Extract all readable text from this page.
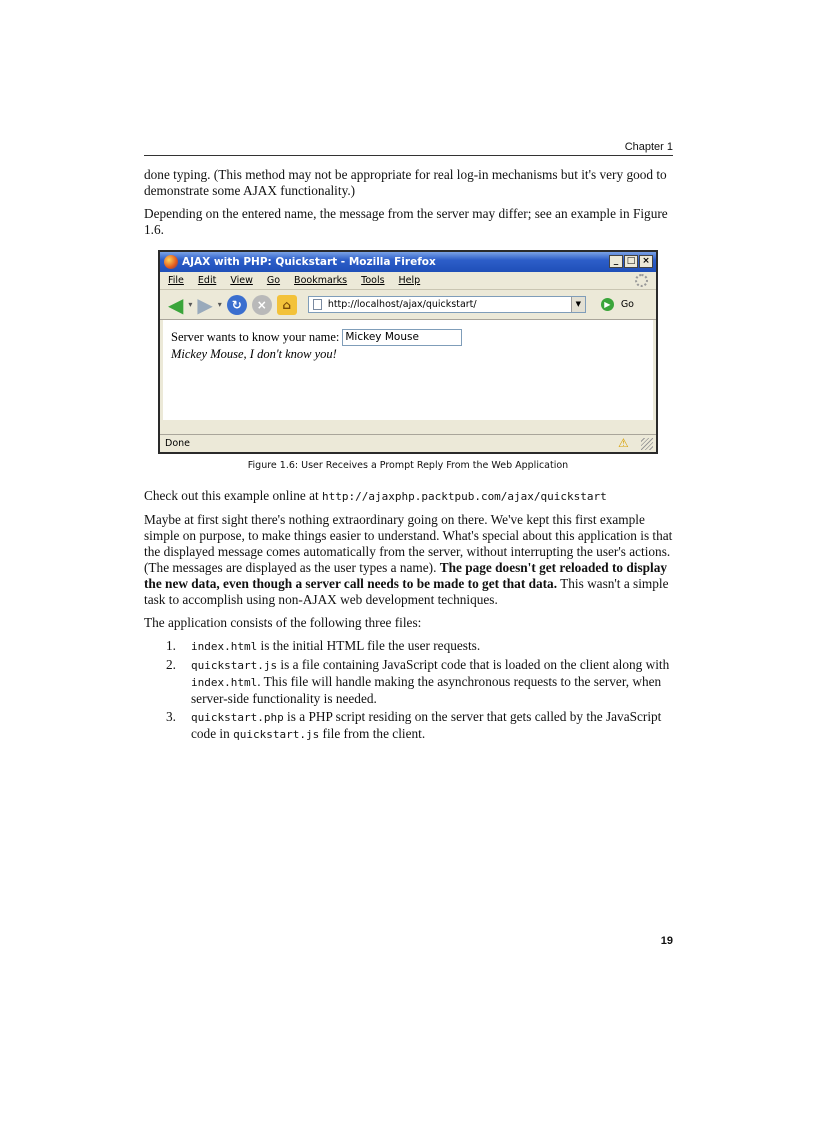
Chapter 1

done typing. (This method may not be appropriate for real log-in mechanisms but it's very good to demonstrate some AJAX functionality.)

Depending on the entered name, the message from the server may differ; see an example in Figure 1.6.

AJAX with PHP: Quickstart - Mozilla Firefox	_ □ ×
File Edit View Go Bookmarks Tools Help
◀ ▾ ▶ ▾ ↻	×	⌂	http://localhost/ajax/quickstart/	▼	▶	Go
Server wants to know your name: Mickey Mouse
Mickey Mouse, I don't know you!
Done	⚠
Figure 1.6: User Receives a Prompt Reply From the Web Application

Check out this example online at http://ajaxphp.packtpub.com/ajax/quickstart

Maybe at first sight there's nothing extraordinary going on there. We've kept this first example simple on purpose, to make things easier to understand. What's special about this application is that the displayed message comes automatically from the server, without interrupting the user's actions. (The messages are displayed as the user types a name). The page doesn't get reloaded to display the new data, even though a server call needs to be made to get that data. This wasn't a simple task to accomplish using non-AJAX web development techniques.

The application consists of the following three files:

1.	index.html is the initial HTML file the user requests.
2.	quickstart.js is a file containing JavaScript code that is loaded on the client along with index.html. This file will handle making the asynchronous requests to the server, when server-side functionality is needed.
3.	quickstart.php is a PHP script residing on the server that gets called by the JavaScript code in quickstart.js file from the client.
19
